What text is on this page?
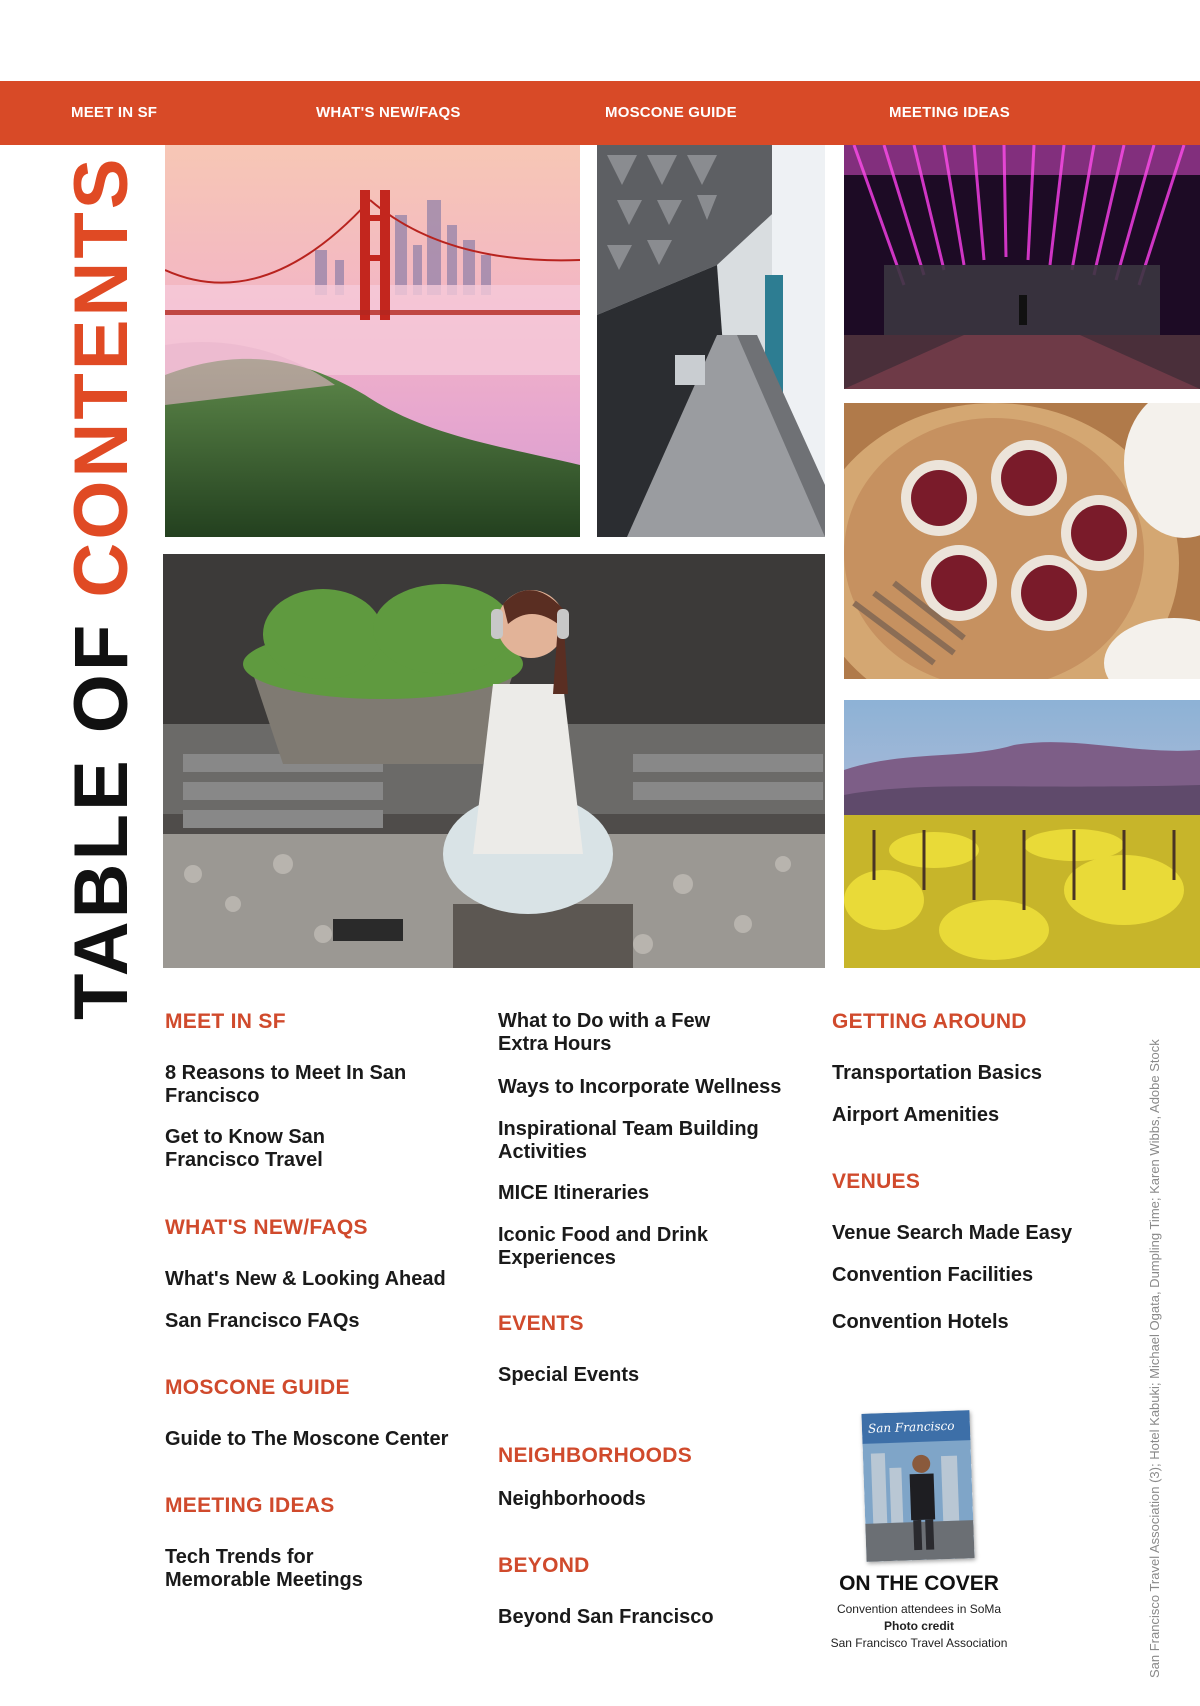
MEET IN SF	WHAT'S NEW/FAQS	MOSCONE GUIDE	MEETING IDEAS
TABLE OF CONTENTS
MEET IN SF
8 Reasons to Meet In San Francisco
Get to Know San Francisco Travel
WHAT'S NEW/FAQS
What's New & Looking Ahead
San Francisco FAQs
MOSCONE GUIDE
Guide to The Moscone Center
MEETING IDEAS
Tech Trends for Memorable Meetings
What to Do with a Few Extra Hours
Ways to Incorporate Wellness
Inspirational Team Building Activities
MICE Itineraries
Iconic Food and Drink Experiences
EVENTS
Special Events
NEIGHBORHOODS
Neighborhoods
BEYOND
Beyond San Francisco
GETTING AROUND
Transportation Basics
Airport Amenities
VENUES
Venue Search Made Easy
Convention Facilities
Convention Hotels
San Francisco
ON THE COVER
Convention attendees in SoMa
Photo credit
San Francisco Travel Association	San Francisco Travel Association (3); Hotel Kabuki; Michael Ogata, Dumpling Time; Karen Wibbs, Adobe Stock
